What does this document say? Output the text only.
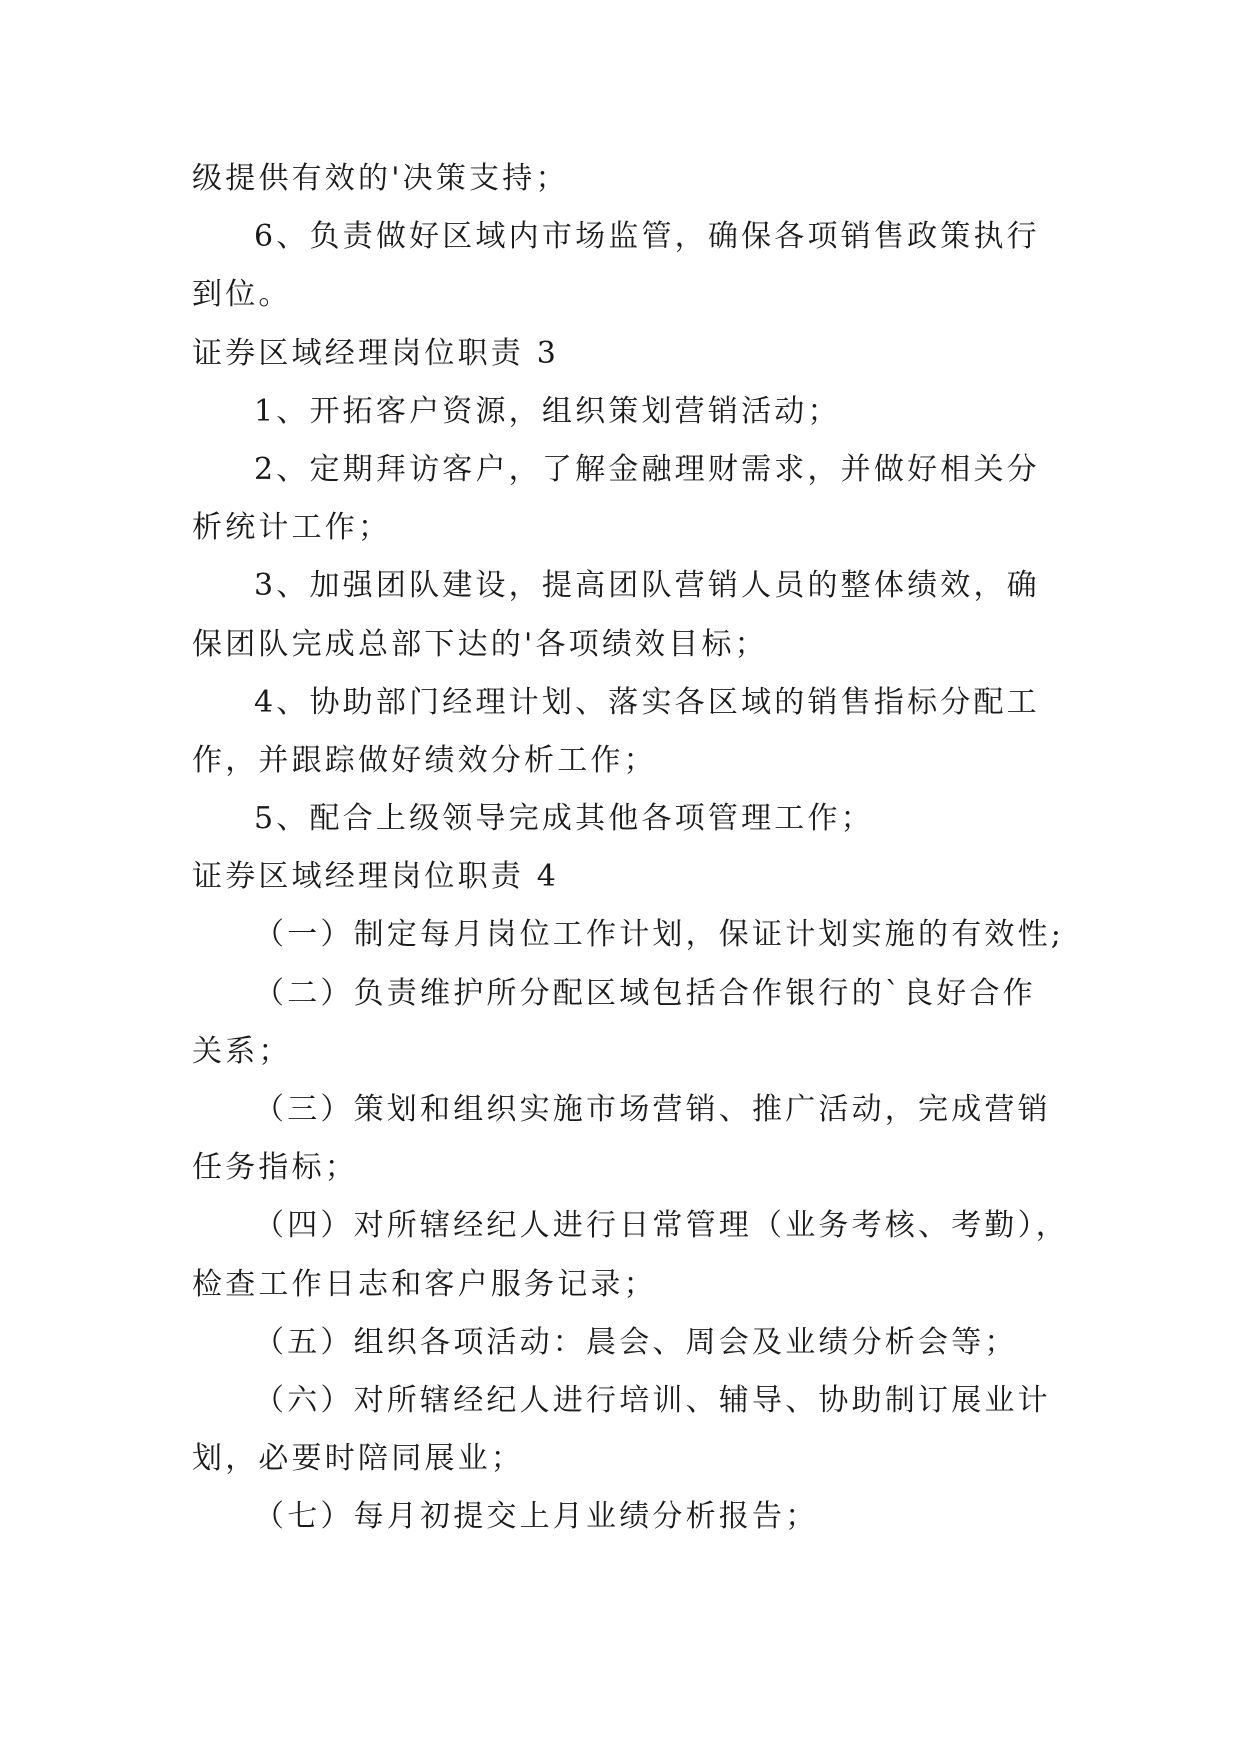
级提供有效的'决策支持；
6、负责做好区域内市场监管，确保各项销售政策执行
到位。
证券区域经理岗位职责 3
1、开拓客户资源，组织策划营销活动；
2、定期拜访客户，了解金融理财需求，并做好相关分
析统计工作；
3、加强团队建设，提高团队营销人员的整体绩效，确
保团队完成总部下达的'各项绩效目标；
4、协助部门经理计划、落实各区域的销售指标分配工
作，并跟踪做好绩效分析工作；
5、配合上级领导完成其他各项管理工作；
证券区域经理岗位职责 4
（一）制定每月岗位工作计划，保证计划实施的有效性;
（二）负责维护所分配区域包括合作银行的`良好合作
关系；
（三）策划和组织实施市场营销、推广活动，完成营销
任务指标；
（四）对所辖经纪人进行日常管理（业务考核、考勤），
检查工作日志和客户服务记录；
（五）组织各项活动：晨会、周会及业绩分析会等；
（六）对所辖经纪人进行培训、辅导、协助制订展业计
划，必要时陪同展业；
（七）每月初提交上月业绩分析报告；
